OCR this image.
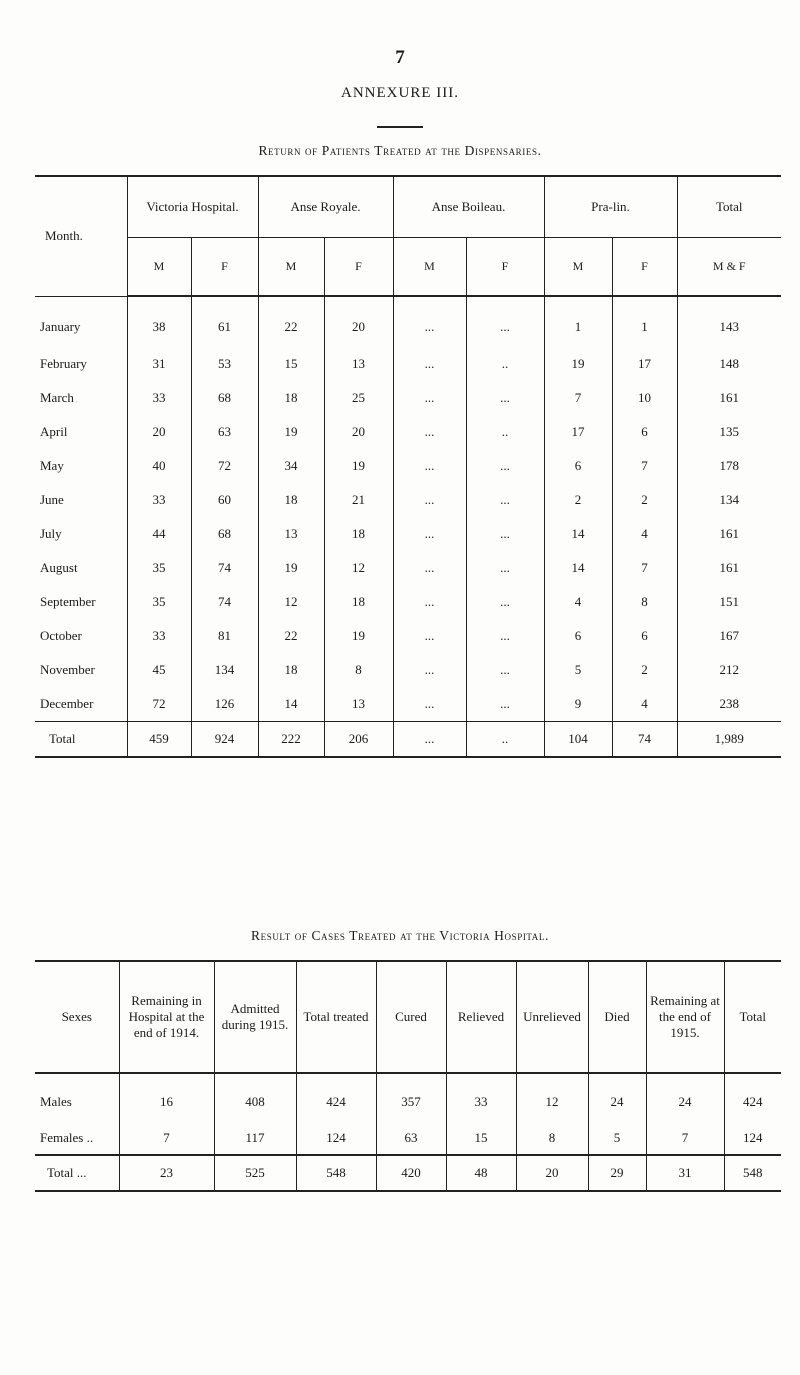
7
ANNEXURE III.
Return of Patients Treated at the Dispensaries.
Month.	Victoria Hospital.		Anse Royale.		Anse Boileau.		Pra-lin.		Total
	M	F	M	F	M	F	M	F	M & F
January	38	61	22	20	...	...	1	1	143
February	31	53	15	13	...	..	19	17	148
March	33	68	18	25	...	...	7	10	161
April	20	63	19	20	...	..	17	6	135
May	40	72	34	19	...	...	6	7	178
June	33	60	18	21	...	...	2	2	134
July	44	68	13	18	...	...	14	4	161
August	35	74	19	12	...	...	14	7	161
September	35	74	12	18	...	...	4	8	151
October	33	81	22	19	...	...	6	6	167
November	45	134	18	8	...	...	5	2	212
December	72	126	14	13	...	...	9	4	238
Total	459	924	222	206	...	..	104	74	1,989
Result of Cases Treated at the Victoria Hospital.
Sexes	Remaining in Hospital at the end of 1914.	Admitted during 1915.	Total treated	Cured	Relieved	Unrelieved	Died	Remaining at the end of 1915.	Total
Males	16	408	424	357	33	12	24	24	424
Females ..	7	117	124	63	15	8	5	7	124
Total ...	23	525	548	420	48	20	29	31	548
